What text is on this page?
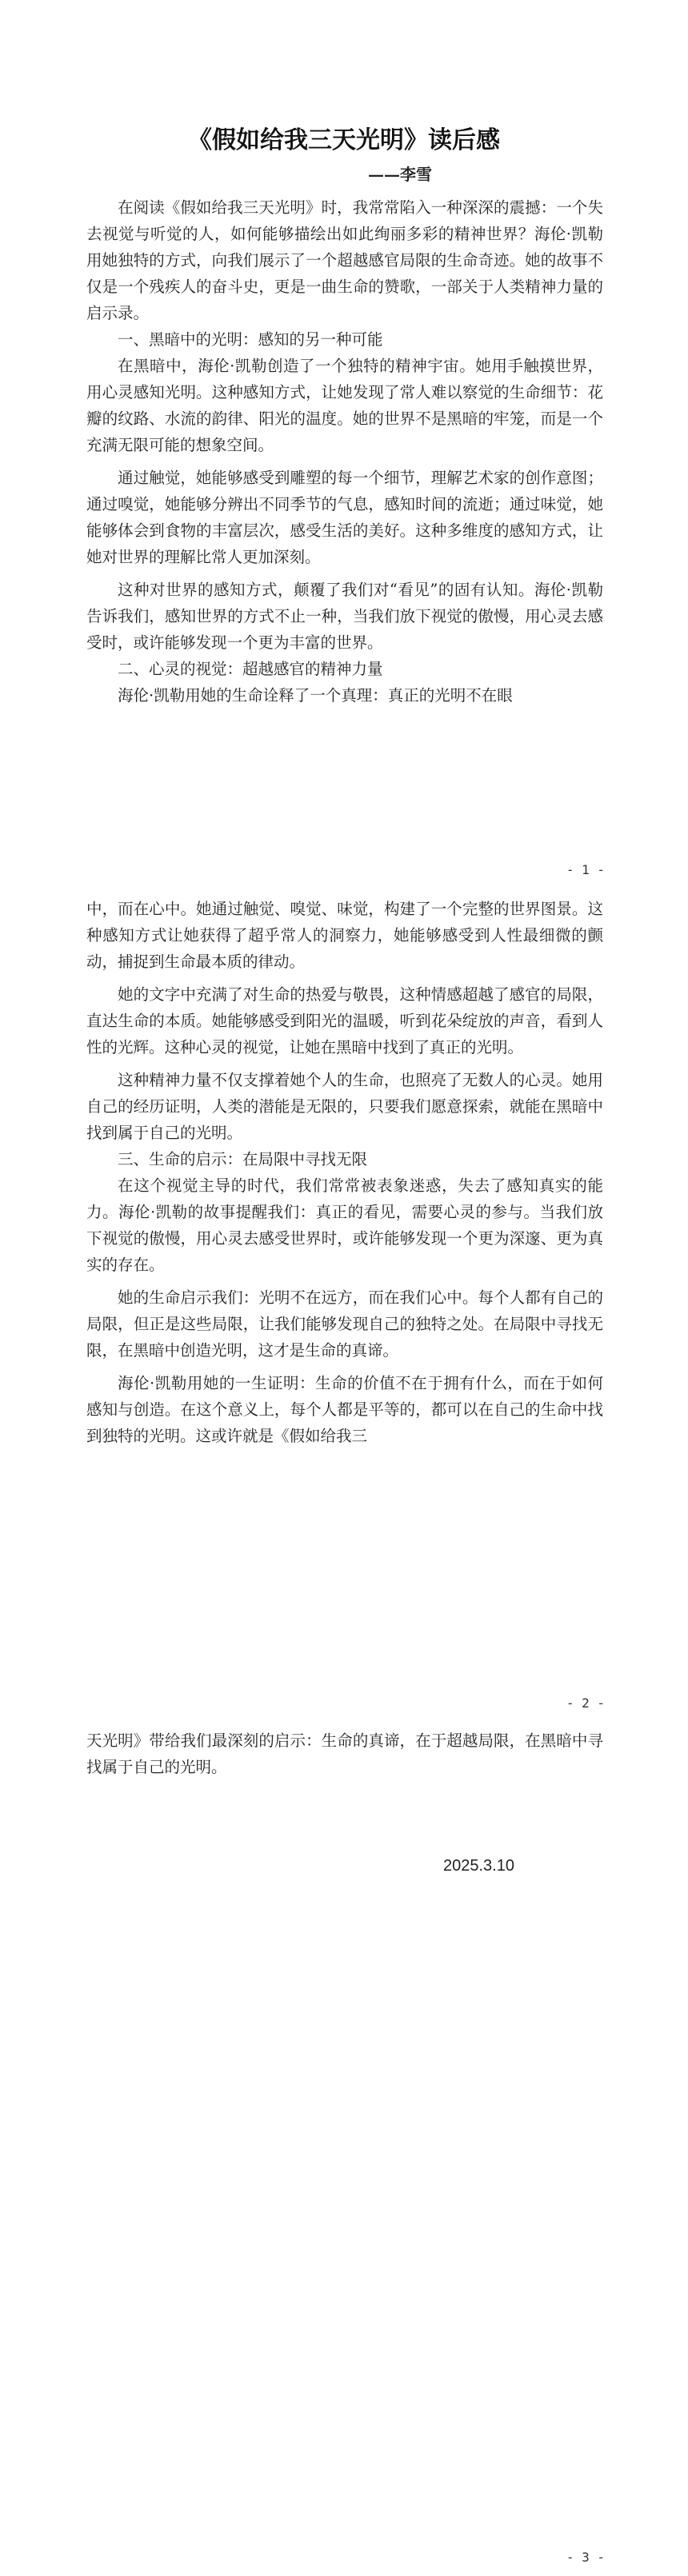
《假如给我三天光明》读后感
——李雪

在阅读《假如给我三天光明》时，我常常陷入一种深深的震撼：一个失去视觉与听觉的人，如何能够描绘出如此绚丽多彩的精神世界？海伦·凯勒用她独特的方式，向我们展示了一个超越感官局限的生命奇迹。她的故事不仅是一个残疾人的奋斗史，更是一曲生命的赞歌，一部关于人类精神力量的启示录。

一、黑暗中的光明：感知的另一种可能

在黑暗中，海伦·凯勒创造了一个独特的精神宇宙。她用手触摸世界，用心灵感知光明。这种感知方式，让她发现了常人难以察觉的生命细节：花瓣的纹路、水流的韵律、阳光的温度。她的世界不是黑暗的牢笼，而是一个充满无限可能的想象空间。

通过触觉，她能够感受到雕塑的每一个细节，理解艺术家的创作意图；通过嗅觉，她能够分辨出不同季节的气息，感知时间的流逝；通过味觉，她能够体会到食物的丰富层次，感受生活的美好。这种多维度的感知方式，让她对世界的理解比常人更加深刻。

这种对世界的感知方式，颠覆了我们对“看见”的固有认知。海伦·凯勒告诉我们，感知世界的方式不止一种，当我们放下视觉的傲慢，用心灵去感受时，或许能够发现一个更为丰富的世界。

二、心灵的视觉：超越感官的精神力量

海伦·凯勒用她的生命诠释了一个真理：真正的光明不在眼

- 1 -

中，而在心中。她通过触觉、嗅觉、味觉，构建了一个完整的世界图景。这种感知方式让她获得了超乎常人的洞察力，她能够感受到人性最细微的颤动，捕捉到生命最本质的律动。

她的文字中充满了对生命的热爱与敬畏，这种情感超越了感官的局限，直达生命的本质。她能够感受到阳光的温暖，听到花朵绽放的声音，看到人性的光辉。这种心灵的视觉，让她在黑暗中找到了真正的光明。

这种精神力量不仅支撑着她个人的生命，也照亮了无数人的心灵。她用自己的经历证明，人类的潜能是无限的，只要我们愿意探索，就能在黑暗中找到属于自己的光明。

三、生命的启示：在局限中寻找无限

在这个视觉主导的时代，我们常常被表象迷惑，失去了感知真实的能力。海伦·凯勒的故事提醒我们：真正的看见，需要心灵的参与。当我们放下视觉的傲慢，用心灵去感受世界时，或许能够发现一个更为深邃、更为真实的存在。

她的生命启示我们：光明不在远方，而在我们心中。每个人都有自己的局限，但正是这些局限，让我们能够发现自己的独特之处。在局限中寻找无限，在黑暗中创造光明，这才是生命的真谛。

海伦·凯勒用她的一生证明：生命的价值不在于拥有什么，而在于如何感知与创造。在这个意义上，每个人都是平等的，都可以在自己的生命中找到独特的光明。这或许就是《假如给我三

- 2 -

天光明》带给我们最深刻的启示：生命的真谛，在于超越局限，在黑暗中寻找属于自己的光明。

- 3 -
2025.3.10
